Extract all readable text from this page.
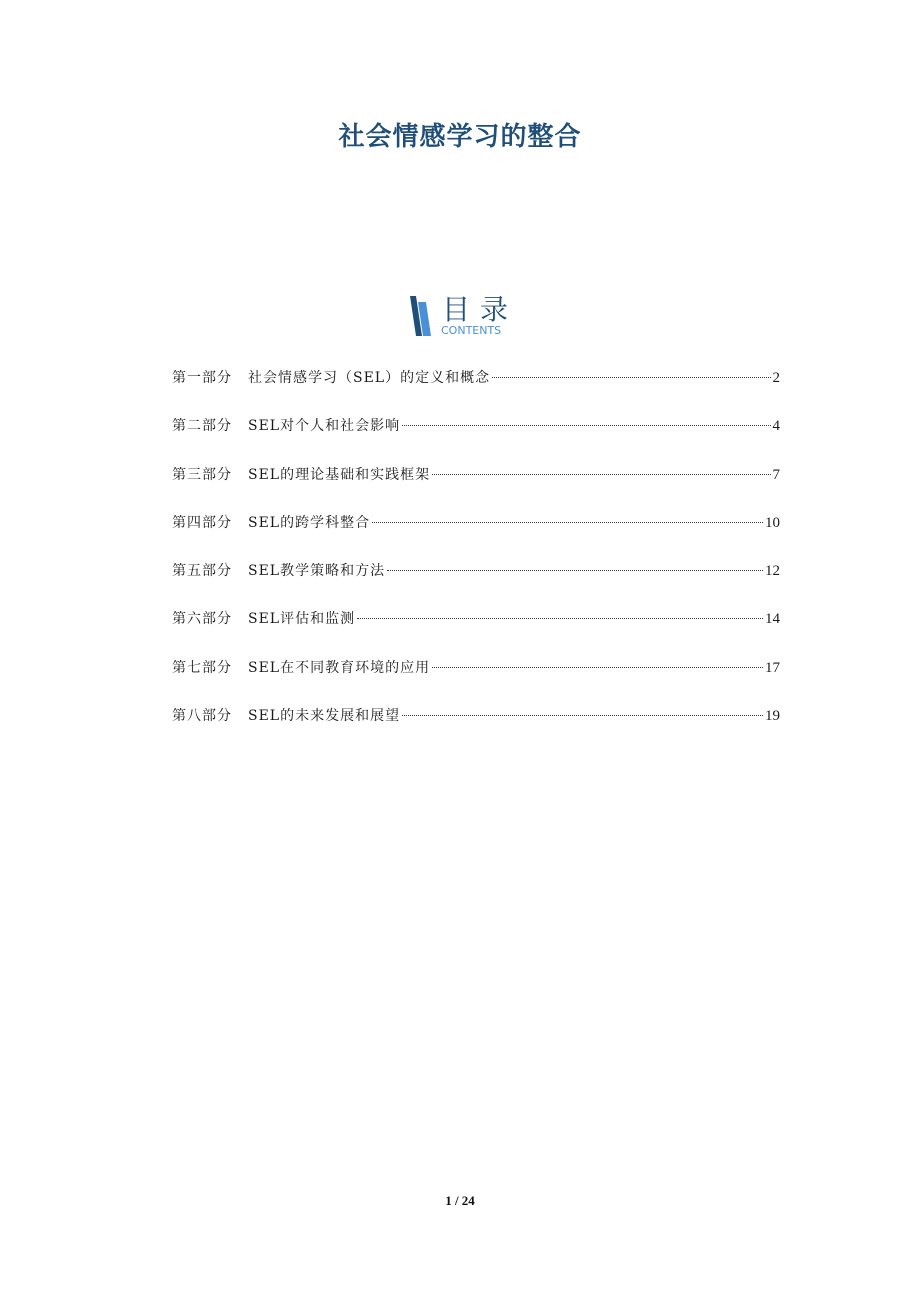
社会情感学习的整合
目录
CONTENTS
第一部分 社会情感学习（SEL）的定义和概念	2
第二部分 SEL对个人和社会影响	4
第三部分 SEL的理论基础和实践框架	7
第四部分 SEL的跨学科整合	10
第五部分 SEL教学策略和方法	12
第六部分 SEL评估和监测	14
第七部分 SEL在不同教育环境的应用	17
第八部分 SEL的未来发展和展望	19
1 / 24
